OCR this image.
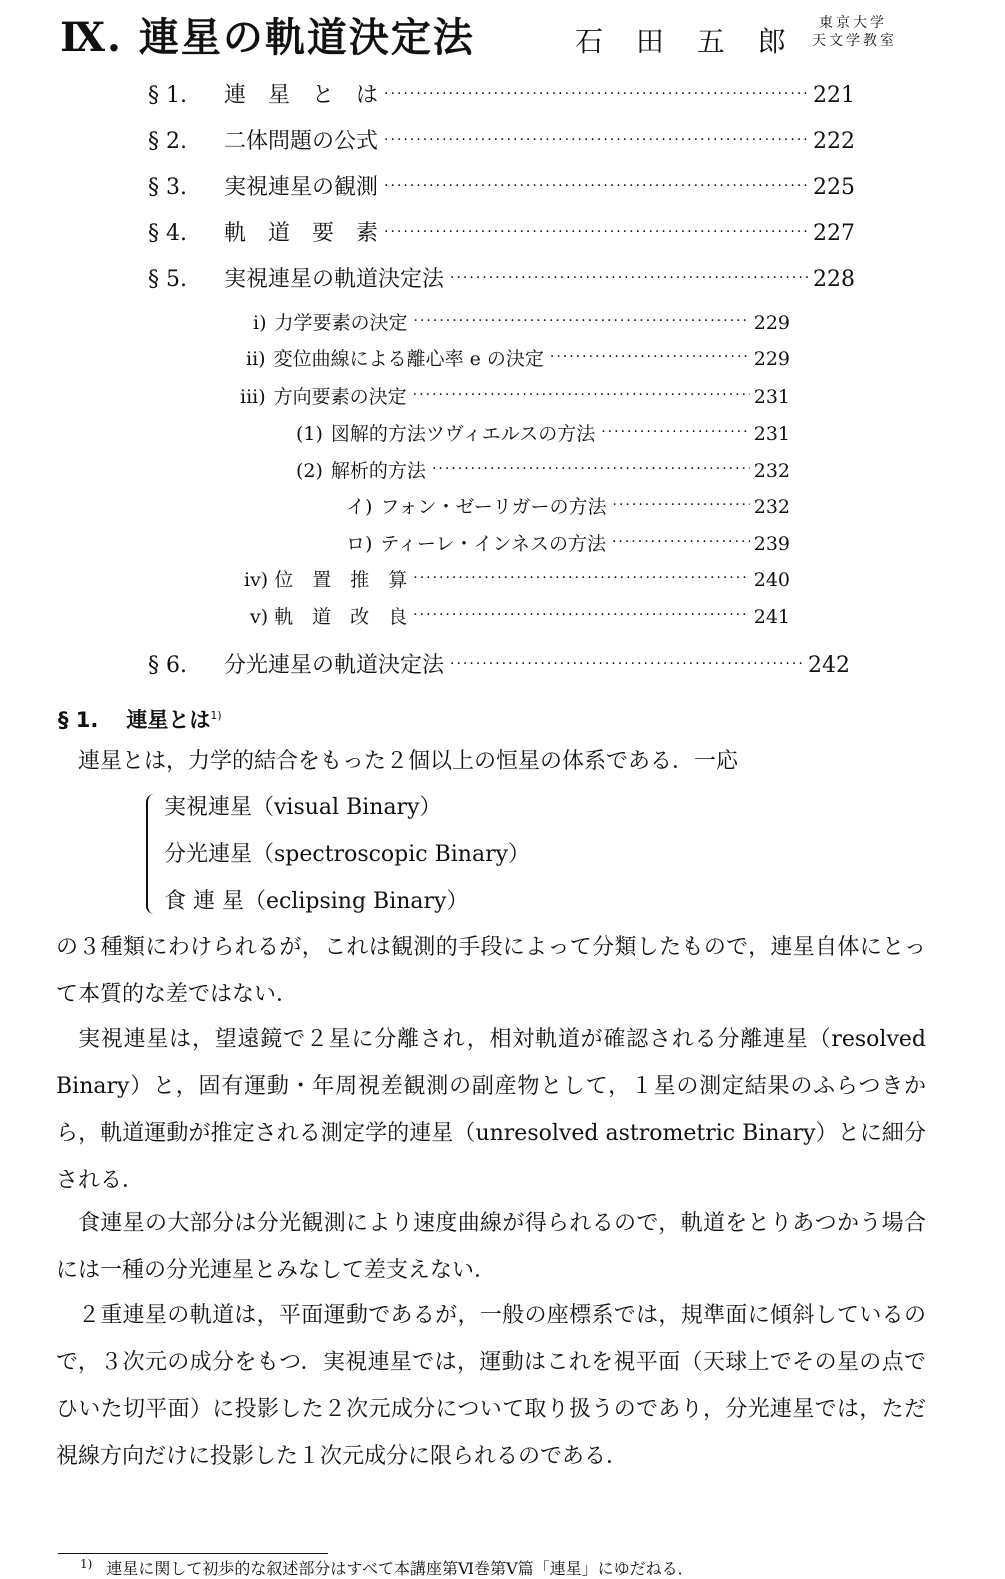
Ⅸ. 連星の軌道決定法	石 田 五 郎
東京大学
天文学教室
§ 1.	連　星　と　は ·····	221
§ 2.	二体問題の公式 ·····	222
§ 3.	実視連星の観測 ·····	225
§ 4.	軌　道　要　素 ·····	227
§ 5.	実視連星の軌道決定法 ·····	228
i) 力学要素の決定 ·····	229
ii) 変位曲線による離心率 e の決定 ·····	229
iii) 方向要素の決定 ·····	231
(1) 図解的方法ツヴィエルスの方法 ·····	231
(2) 解析的方法 ·····	232
イ) フォン・ゼーリガーの方法 ·····	232
ロ) ティーレ・インネスの方法 ·····	239
iv) 位　置　推　算 ·····	240
v) 軌　道　改　良 ·····	241
§ 6.	分光連星の軌道決定法 ·····	242
§ 1. 連星とは$^{1)}$
連星とは，力学的結合をもった２個以上の恒星の体系である．一応
実視連星（visual Binary）
分光連星（spectroscopic Binary）
食 連 星（eclipsing Binary）
の３種類にわけられるが，これは観測的手段によって分類したもので，連星自体にとって本質的な差ではない．
実視連星は，望遠鏡で２星に分離され，相対軌道が確認される分離連星（resolved Binary）と，固有運動・年周視差観測の副産物として，１星の測定結果のふらつきから，軌道運動が推定される測定学的連星（unresolved astrometric Binary）とに細分される．
食連星の大部分は分光観測により速度曲線が得られるので，軌道をとりあつかう場合には一種の分光連星とみなして差支えない．
２重連星の軌道は，平面運動であるが，一般の座標系では，規準面に傾斜しているので，３次元の成分をもつ．実視連星では，運動はこれを視平面（天球上でその星の点でひいた切平面）に投影した２次元成分について取り扱うのであり，分光連星では，ただ視線方向だけに投影した１次元成分に限られるのである．
$^{1)}$ 連星に関して初歩的な叙述部分はすべて本講座第Ⅵ巻第Ⅴ篇「連星」にゆだねる．
